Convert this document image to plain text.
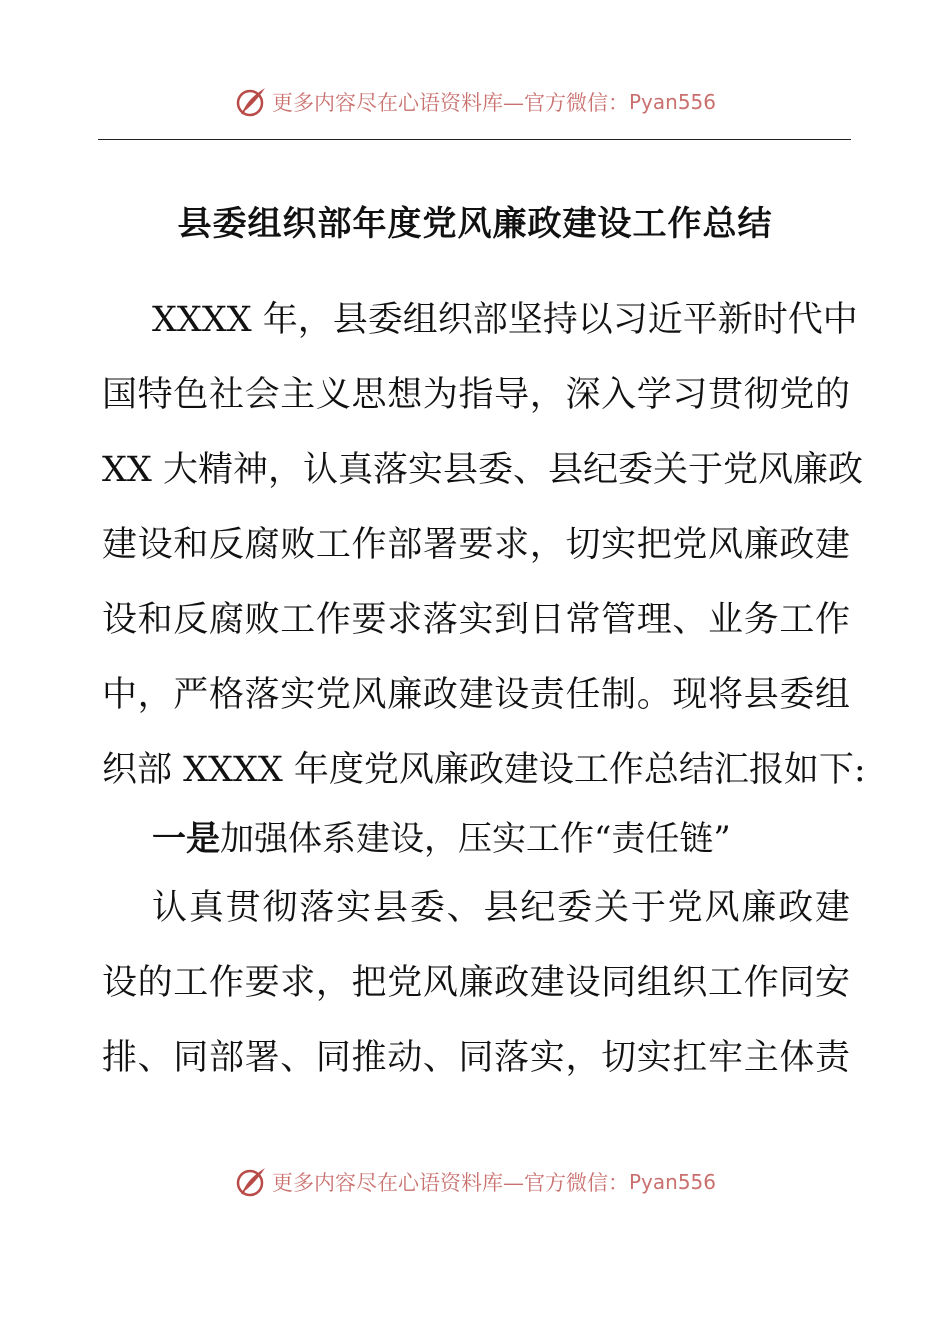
更多内容尽在心语资料库—官方微信： Pyan556
县委组织部年度党风廉政建设工作总结
XXXX 年，县委组织部坚持以习近平新时代中
国特色社会主义思想为指导，深入学习贯彻党的
XX 大精神，认真落实县委、县纪委关于党风廉政
建设和反腐败工作部署要求，切实把党风廉政建
设和反腐败工作要求落实到日常管理、业务工作
中，严格落实党风廉政建设责任制。现将县委组
织部 XXXX 年度党风廉政建设工作总结汇报如下:
一是加强体系建设，压实工作“责任链”
认真贯彻落实县委、县纪委关于党风廉政建
设的工作要求，把党风廉政建设同组织工作同安
排、同部署、同推动、同落实，切实扛牢主体责
更多内容尽在心语资料库—官方微信： Pyan556
